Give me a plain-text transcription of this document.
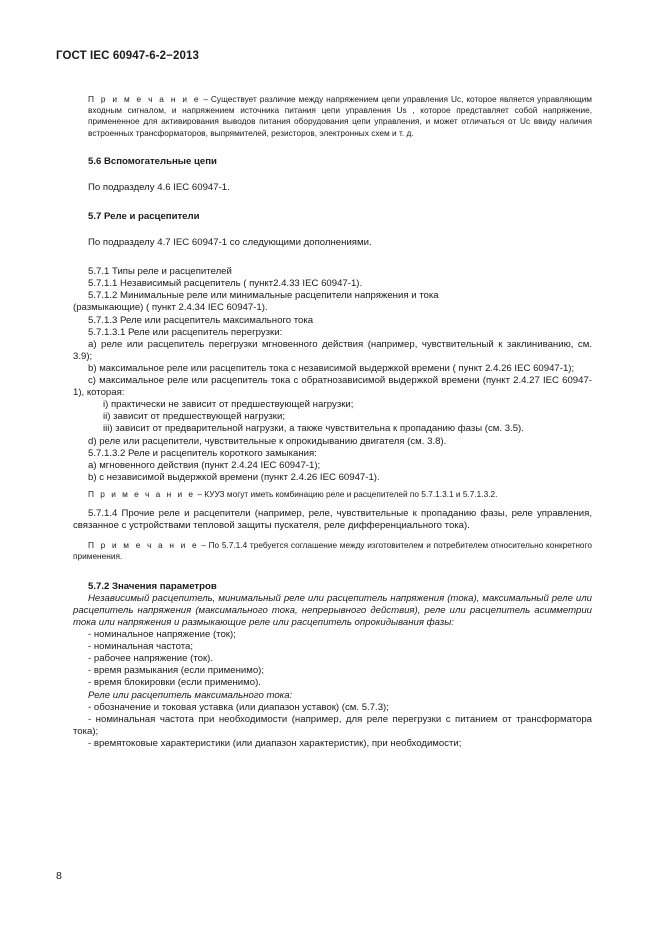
ГОСТ IEC 60947-6-2−2013

П р и м е ч а н и е – Существует различие между напряжением цепи управления Uc, которое является управляющим входным сигналом, и напряжением источника питания цепи управления Us , которое представляет собой напряжение, примененное для активирования выводов питания оборудования цепи управления, и может отличаться от Uc ввиду наличия встроенных трансформаторов, выпрямителей, резисторов, электронных схем и т. д.

5.6 Вспомогательные цепи

По подразделу 4.6 IEC 60947-1.

5.7 Реле и расцепители

По подразделу 4.7 IEC 60947-1 со следующими дополнениями.

5.7.1 Типы реле и расцепителей

5.7.1.1 Независимый расцепитель ( пункт2.4.33 IEC 60947-1).

5.7.1.2 Минимальные реле или минимальные расцепители напряжения и тока

(размыкающие) ( пункт 2.4.34 IEC 60947-1).

5.7.1.3 Реле или расцепитель максимального тока

5.7.1.3.1 Реле или расцепитель перегрузки:

а) реле или расцепитель перегрузки мгновенного действия (например, чувствительный к заклиниванию, см. 3.9);

b) максимальное реле или расцепитель тока с независимой выдержкой времени ( пункт 2.4.26 IEC 60947-1);

c) максимальное реле или расцепитель тока с обратнозависимой выдержкой времени (пункт 2.4.27 IEC 60947-1), которая:

i) практически не зависит от предшествующей нагрузки;

ii) зависит от предшествующей нагрузки;

iii) зависит от предварительной нагрузки, а также чувствительна к пропаданию фазы (см. 3.5).

d) реле или расцепители, чувствительные к опрокидыванию двигателя (см. 3.8).

5.7.1.3.2 Реле и расцепитель короткого замыкания:

а) мгновенного действия (пункт 2.4.24 IEC 60947-1);

b) с независимой выдержкой времени (пункт 2.4.26 IEC 60947-1).

П р и м е ч а н и е – КУУЗ могут иметь комбинацию реле и расцепителей по 5.7.1.3.1 и 5.7.1.3.2.

5.7.1.4 Прочие реле и расцепители (например, реле, чувствительные к пропаданию фазы, реле управления, связанное с устройствами тепловой защиты пускателя, реле дифференциального тока).

П р и м е ч а н и е – По 5.7.1.4 требуется соглашение между изготовителем и потребителем относительно конкретного применения.

5.7.2 Значения параметров

Независимый расцепитель, минимальный реле или расцепитель напряжения (тока), максимальный реле или расцепитель напряжения (максимального тока, непрерывного действия), реле или расцепитель асимметрии тока или напряжения и размыкающие реле или расцепитель опрокидывания фазы:

- номинальное напряжение (ток);

- номинальная частота;

- рабочее напряжение (ток).

- время размыкания (если применимо);

- время блокировки (если применимо).

Реле или расцепитель максимального тока:

- обозначение и токовая уставка (или диапазон уставок) (см. 5.7.3);

- номинальная частота при необходимости (например, для реле перегрузки с питанием от трансформатора тока);

- времятоковые характеристики (или диапазон характеристик), при необходимости;

8
